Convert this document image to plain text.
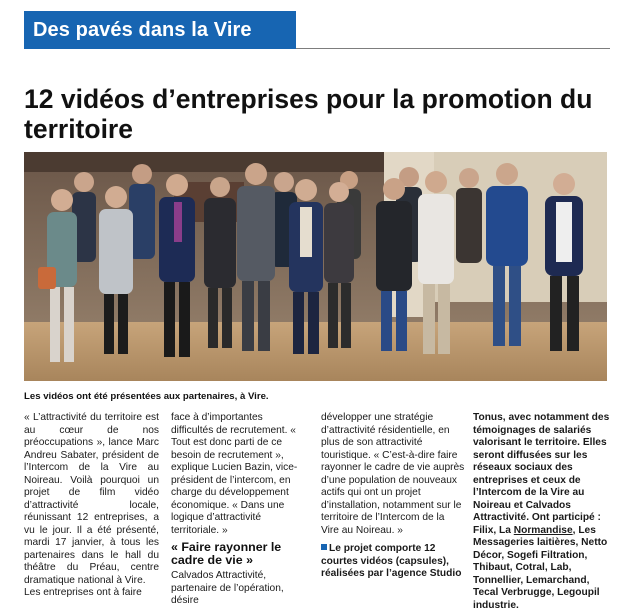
Des pavés dans la Vire
12 vidéos d’entreprises pour la promotion du territoire

Les vidéos ont été présentées aux partenaires, à Vire.

« L’attractivité du territoire est au cœur de nos préoccupations », lance Marc Andreu Sabater, président de l’Intercom de la Vire au Noireau. Voilà pourquoi un projet de film vidéo d’attractivité locale, réunissant 12 entreprises, a vu le jour. Il a été présenté, mardi 17 janvier, à tous les partenaires dans le hall du théâtre du Préau, centre dramatique national à Vire.

Les entreprises ont à faire

face à d’importantes difficultés de recrutement. « Tout est donc parti de ce besoin de recrutement », explique Lucien Bazin, vice-président de l’intercom, en charge du développement économique. « Dans une logique d’attractivité territoriale. »

« Faire rayonner le cadre de vie »

Calvados Attractivité, partenaire de l’opération, désire

développer une stratégie d’attractivité résidentielle, en plus de son attractivité touristique. « C’est-à-dire faire rayonner le cadre de vie auprès d’une population de nouveaux actifs qui ont un projet d’installation, notamment sur le territoire de l’Intercom de la Vire au Noireau. »

Le projet comporte 12 courtes vidéos (capsules), réalisées par l’agence Studio

Tonus, avec notamment des témoignages de salariés valorisant le territoire. Elles seront diffusées sur les réseaux sociaux des entreprises et ceux de l’Intercom de la Vire au Noireau et Calvados Attractivité. Ont participé : Filix, La Normandise, Les Messageries laitières, Netto Décor, Sogefi Filtration, Thibaut, Cotral, Lab, Tonnellier, Lemarchand, Tecal Verbrugge, Legoupil industrie.
